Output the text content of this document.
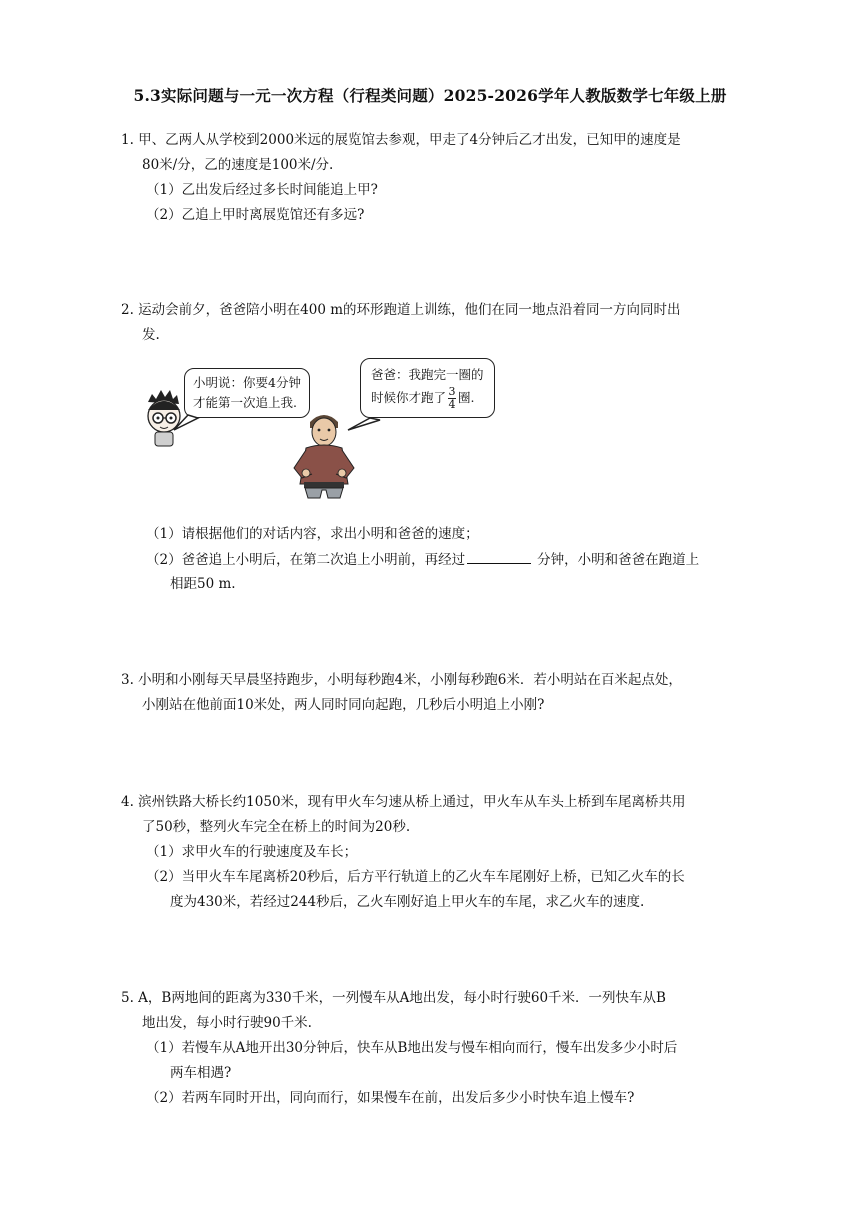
5.3实际问题与一元一次方程（行程类问题）2025-2026学年人教版数学七年级上册
1. 甲、乙两人从学校到2000米远的展览馆去参观，甲走了4分钟后乙才出发，已知甲的速度是
80米/分，乙的速度是100米/分.
（1）乙出发后经过多长时间能追上甲?
（2）乙追上甲时离展览馆还有多远?
2. 运动会前夕，爸爸陪小明在400 m的环形跑道上训练，他们在同一地点沿着同一方向同时出
发.
小明说：你要4分钟
才能第一次追上我.
爸爸：我跑完一圈的
时候你才跑了 $\frac{3}{4}$ 圈.
（1）请根据他们的对话内容，求出小明和爸爸的速度；
（2）爸爸追上小明后，在第二次追上小明前，再经过	分钟，小明和爸爸在跑道上
相距50 m.
3. 小明和小刚每天早晨坚持跑步，小明每秒跑4米，小刚每秒跑6米．若小明站在百米起点处，
小刚站在他前面10米处，两人同时同向起跑，几秒后小明追上小刚?
4. 滨州铁路大桥长约1050米，现有甲火车匀速从桥上通过，甲火车从车头上桥到车尾离桥共用
了50秒，整列火车完全在桥上的时间为20秒.
（1）求甲火车的行驶速度及车长；
（2）当甲火车车尾离桥20秒后，后方平行轨道上的乙火车车尾刚好上桥，已知乙火车的长
度为430米，若经过244秒后，乙火车刚好追上甲火车的车尾，求乙火车的速度.
5. A，B两地间的距离为330千米，一列慢车从A地出发，每小时行驶60千米．一列快车从B
地出发，每小时行驶90千米.
（1）若慢车从A地开出30分钟后，快车从B地出发与慢车相向而行，慢车出发多少小时后
两车相遇?
（2）若两车同时开出，同向而行，如果慢车在前，出发后多少小时快车追上慢车?
